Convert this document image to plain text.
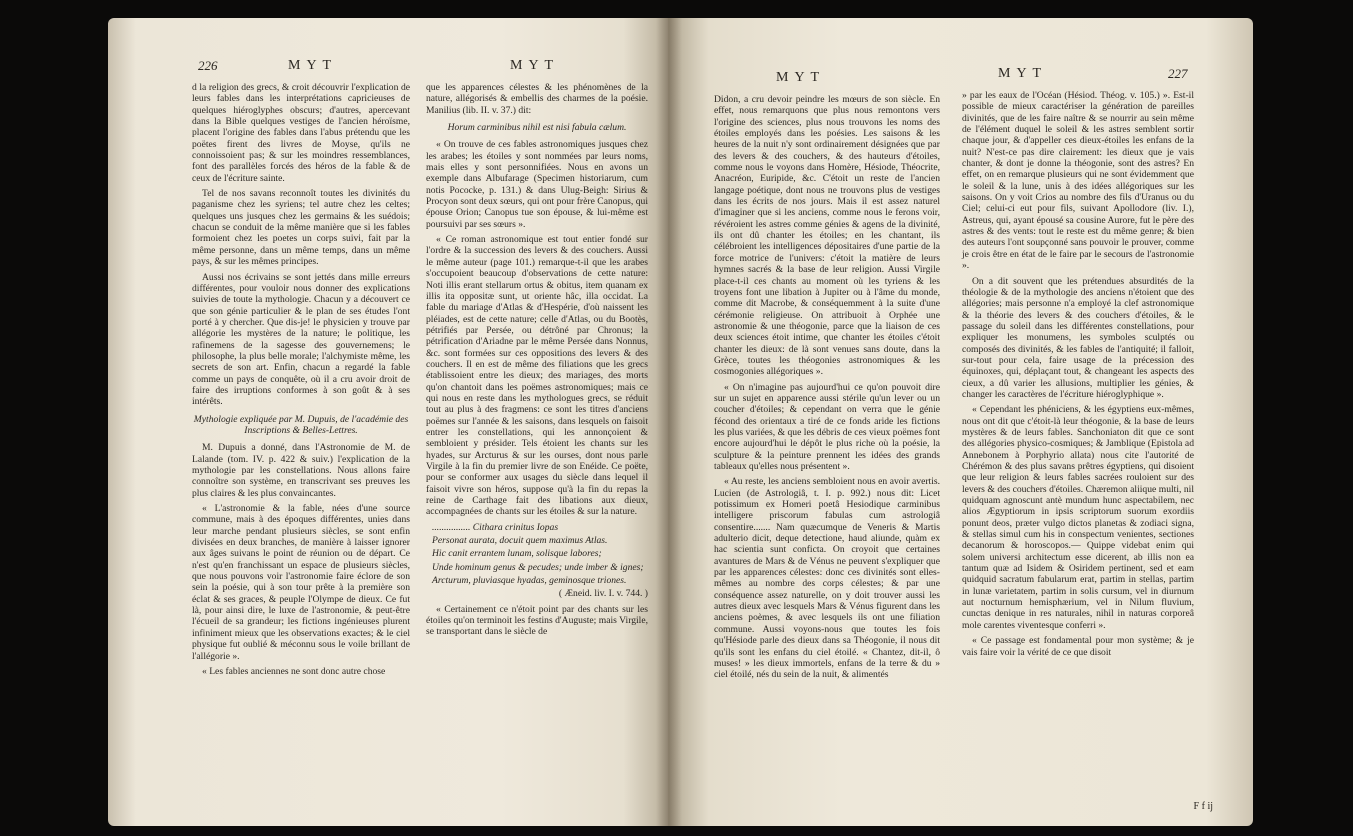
226	MYT	MYT

d la religion des grecs, & croit découvrir l'explication de leurs fables dans les interprétations capricieuses de quelques hiéroglyphes obscurs; d'autres, apercevant dans la Bible quelques vestiges de l'ancien héroïsme, placent l'origine des fables dans l'abus prétendu que les poëtes firent des livres de Moyse, qu'ils ne connoissoient pas; & sur les moindres ressemblances, font des parallèles forcés des héros de la fable & de ceux de l'écriture sainte.

Tel de nos savans reconnoît toutes les divinités du paganisme chez les syriens; tel autre chez les celtes; quelques uns jusques chez les germains & les suédois; chacun se conduit de la même manière que si les fables formoient chez les poetes un corps suivi, fait par la même personne, dans un même temps, dans un même pays, & sur les mêmes principes.

Aussi nos écrivains se sont jettés dans mille erreurs différentes, pour vouloir nous donner des explications suivies de toute la mythologie. Chacun y a découvert ce que son génie particulier & le plan de ses études l'ont porté à y chercher. Que dis-je! le physicien y trouve par allégorie les mystères de la nature; le politique, les rafinemens de la sagesse des gouvernemens; le philosophe, la plus belle morale; l'alchymiste même, les secrets de son art. Enfin, chacun a regardé la fable comme un pays de conquête, où il a cru avoir droit de faire des irruptions conformes à son goût & à ses intérêts.

Mythologie expliquée par M. Dupuis, de l'académie des Inscriptions & Belles-Lettres.

M. Dupuis a donné, dans l'Astronomie de M. de Lalande (tom. IV. p. 422 & suiv.) l'explication de la mythologie par les constellations. Nous allons faire connoître son système, en transcrivant ses preuves les plus claires & les plus convaincantes.

« L'astronomie & la fable, nées d'une source commune, mais à des époques différentes, unies dans leur marche pendant plusieurs siècles, se sont enfin divisées en deux branches, de manière à laisser ignorer aux âges suivans le point de réunion ou de départ. Ce n'est qu'en franchissant un espace de plusieurs siècles, que nous pouvons voir l'astronomie faire éclore de son sein la poésie, qui à son tour prête à la première son éclat & ses graces, & peuple l'Olympe de dieux. Ce fut là, pour ainsi dire, le luxe de l'astronomie, & peut-être l'écueil de sa grandeur; les fictions ingénieuses plurent infiniment mieux que les observations exactes; & le ciel physique fut oublié & méconnu sous le voile brillant de l'allégorie ».

« Les fables anciennes ne sont donc autre chose

que les apparences célestes & les phénomènes de la nature, allégorisés & embellis des charmes de la poésie. Manilius (lib. II. v. 37.) dit:

Horum carminibus nihil est nisi fabula cælum.

« On trouve de ces fables astronomiques jusques chez les arabes; les étoiles y sont nommées par leurs noms, mais elles y sont personnifiées. Nous en avons un exemple dans Albufarage (Specimen historiarum, cum notis Pococke, p. 131.) & dans Ulug-Beigh: Sirius & Procyon sont deux sœurs, qui ont pour frère Canopus, qui épouse Orion; Canopus tue son épouse, & lui-même est poursuivi par ses sœurs ».

« Ce roman astronomique est tout entier fondé sur l'ordre & la succession des levers & des couchers. Aussi le même auteur (page 101.) remarque-t-il que les arabes s'occupoient beaucoup d'observations de cette nature: Noti illis erant stellarum ortus & obitus, item quanam ex illis ita oppositæ sunt, ut oriente hâc, illa occidat. La fable du mariage d'Atlas & d'Hespérie, d'où naissent les pléiades, est de cette nature; celle d'Atlas, ou du Bootès, pétrifiés par Persée, ou détrôné par Chronus; la pétrification d'Ariadne par le même Persée dans Nonnus, &c. sont formées sur ces oppositions des levers & des couchers. Il en est de même des filiations que les grecs établissoient entre les dieux; des mariages, des morts qu'on chantoit dans les poëmes astronomiques; mais ce qui nous en reste dans les mythologues grecs, se réduit tout au plus à des fragmens: ce sont les titres d'anciens poëmes sur l'année & les saisons, dans lesquels on faisoit entrer les constellations, qui les annonçoient & sembloient y présider. Tels étoient les chants sur les hyades, sur Arcturus & sur les ourses, dont nous parle Virgile à la fin du premier livre de son Enéide. Ce poëte, pour se conformer aux usages du siècle dans lequel il faisoit vivre son héros, suppose qu'à la fin du repas la reine de Carthage fait des libations aux dieux, accompagnées de chants sur les étoiles & sur la nature.

................ Cithara crinitus Iopas

Personat aurata, docuit quem maximus Atlas.

Hic canit errantem lunam, solisque labores;

Unde hominum genus & pecudes; unde imber & ignes;

Arcturum, pluviasque hyadas, geminosque triones.

( Æneid. liv. I. v. 744. )

« Certainement ce n'étoit point par des chants sur les étoiles qu'on terminoit les festins d'Auguste; mais Virgile, se transportant dans le siècle de

MYT	MYT	227

Didon, a cru devoir peindre les mœurs de son siècle. En effet, nous remarquons que plus nous remontons vers l'origine des sciences, plus nous trouvons les noms des étoiles employés dans les poésies. Les saisons & les heures de la nuit n'y sont ordinairement désignées que par des levers & des couchers, & des hauteurs d'étoiles, comme nous le voyons dans Homère, Hésiode, Théocrite, Anacréon, Euripide, &c. C'étoit un reste de l'ancien langage poétique, dont nous ne trouvons plus de vestiges dans les écrits de nos jours. Mais il est assez naturel d'imaginer que si les anciens, comme nous le ferons voir, révéroient les astres comme génies & agens de la divinité, ils ont dû chanter les étoiles; en les chantant, ils célébroient les intelligences dépositaires d'une partie de la force motrice de l'univers: c'étoit la matière de leurs hymnes sacrés & la base de leur religion. Aussi Virgile place-t-il ces chants au moment où les tyriens & les troyens font une libation à Jupiter ou à l'âme du monde, comme dit Macrobe, & conséquemment à la suite d'une cérémonie religieuse. On attribuoit à Orphée une astronomie & une théogonie, parce que la liaison de ces deux sciences étoit intime, que chanter les étoiles c'étoit chanter les dieux: de là sont venues sans doute, dans la Grèce, toutes les théogonies astronomiques & les cosmogonies allégoriques ».

« On n'imagine pas aujourd'hui ce qu'on pouvoit dire sur un sujet en apparence aussi stérile qu'un lever ou un coucher d'étoiles; & cependant on verra que le génie fécond des orientaux a tiré de ce fonds aride les fictions les plus variées, & que les débris de ces vieux poëmes font encore aujourd'hui le dépôt le plus riche où la poésie, la sculpture & la peinture prennent les idées des grands tableaux qu'elles nous présentent ».

« Au reste, les anciens sembloient nous en avoir avertis. Lucien (de Astrologiâ, t. I. p. 992.) nous dit: Licet potissimum ex Homeri poetâ Hesiodique carminibus intelligere priscorum fabulas cum astrologiâ consentire....... Nam quæcumque de Veneris & Martis adulterio dicit, deque detectione, haud aliunde, quàm ex hac scientia sunt conficta. On croyoit que certaines avantures de Mars & de Vénus ne peuvent s'expliquer que par les apparences célestes: donc ces divinités sont elles-mêmes au nombre des corps célestes; & par une conséquence assez naturelle, on y doit trouver aussi les autres dieux avec lesquels Mars & Vénus figurent dans les anciens poèmes, & avec lesquels ils ont une filiation commune. Aussi voyons-nous que toutes les fois qu'Hésiode parle des dieux dans sa Théogonie, il nous dit qu'ils sont les enfans du ciel étoilé. « Chantez, dit-il, ô muses! » les dieux immortels, enfans de la terre & du » ciel étoilé, nés du sein de la nuit, & alimentés

» par les eaux de l'Océan (Hésiod. Théog. v. 105.) ». Est-il possible de mieux caractériser la génération de pareilles divinités, que de les faire naître & se nourrir au sein même de l'élément duquel le soleil & les astres semblent sortir chaque jour, & d'appeller ces dieux-étoiles les enfans de la nuit? N'est-ce pas dire clairement: les dieux que je vais chanter, & dont je donne la théogonie, sont des astres? En effet, on en remarque plusieurs qui ne sont évidemment que le soleil & la lune, unis à des idées allégoriques sur les saisons. On y voit Crios au nombre des fils d'Uranus ou du Ciel; celui-ci eut pour fils, suivant Apollodore (liv. I.), Astreus, qui, ayant épousé sa cousine Aurore, fut le père des astres & des vents: tout le reste est du même genre; & bien des auteurs l'ont soupçonné sans pouvoir le prouver, comme je crois être en état de le faire par le secours de l'astronomie ».

On a dit souvent que les prétendues absurdités de la théologie & de la mythologie des anciens n'étoient que des allégories; mais personne n'a employé la clef astronomique & la théorie des levers & des couchers d'étoiles, & le passage du soleil dans les différentes constellations, pour expliquer les monumens, les symboles sculptés ou composés des divinités, & les fables de l'antiquité; il falloit, sur-tout pour cela, faire usage de la précession des équinoxes, qui, déplaçant tout, & changeant les aspects des cieux, a dû varier les allusions, multiplier les génies, & changer les caractères de l'écriture hiéroglyphique ».

« Cependant les phéniciens, & les égyptiens eux-mêmes, nous ont dit que c'étoit-là leur théogonie, & la base de leurs mystères & de leurs fables. Sanchoniaton dit que ce sont des allégories physico-cosmiques; & Jamblique (Epistola ad Annebonem à Porphyrio allata) nous cite l'autorité de Chérémon & des plus savans prêtres égyptiens, qui disoient que leur religion & leurs fables sacrées rouloient sur des levers & des couchers d'étoiles. Chæremon aliique multi, nil quidquam agnoscunt antè mundum hunc aspectabilem, nec alios Ægyptiorum in ipsis scriptorum suorum exordiis ponunt deos, præter vulgo dictos planetas & zodiaci signa, & stellas simul cum his in conspectum venientes, sectiones decanorum & horoscopos.— Quippe videbat enim qui solem universi architectum esse dicerent, ab illis non ea tantum quæ ad Isidem & Osiridem pertinent, sed et eam quidquid sacratum fabularum erat, partim in stellas, partim in lunæ varietatem, partim in solis cursum, vel in diurnum aut nocturnum hemisphærium, vel in Nilum fluvium, cunctas denique in res naturales, nihil in naturas corporeâ mole carentes viventesque conferri ».

« Ce passage est fondamental pour mon système; & je vais faire voir la vérité de ce que disoit

F f ij
